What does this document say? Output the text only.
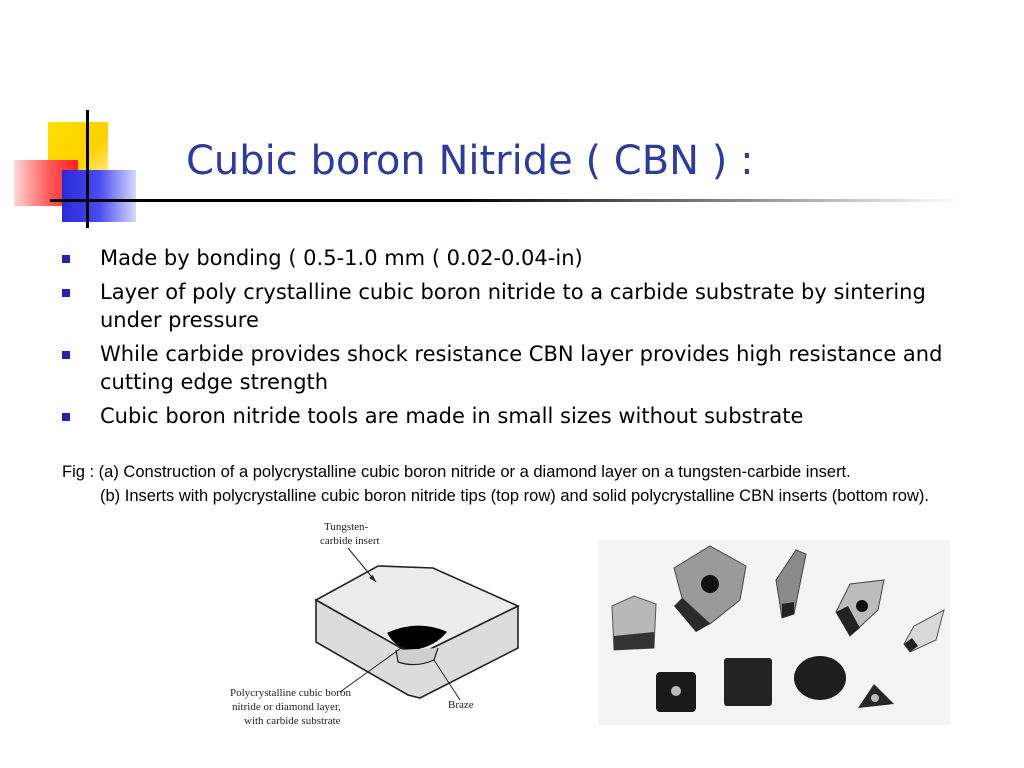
Cubic boron Nitride ( CBN ) :
Made by bonding ( 0.5-1.0 mm ( 0.02-0.04-in)
Layer of poly crystalline cubic boron nitride to a carbide substrate by sintering under pressure
While carbide provides shock resistance CBN layer provides high resistance and cutting edge strength
Cubic boron nitride tools are made in small sizes without substrate
Fig : (a) Construction of a polycrystalline cubic boron nitride or a diamond layer on a tungsten-carbide insert.
(b) Inserts with polycrystalline cubic boron nitride tips (top row) and solid polycrystalline CBN inserts (bottom row).
Tungsten-
carbide insert
Polycrystalline cubic boron
nitride or diamond layer,
with carbide substrate
Braze
